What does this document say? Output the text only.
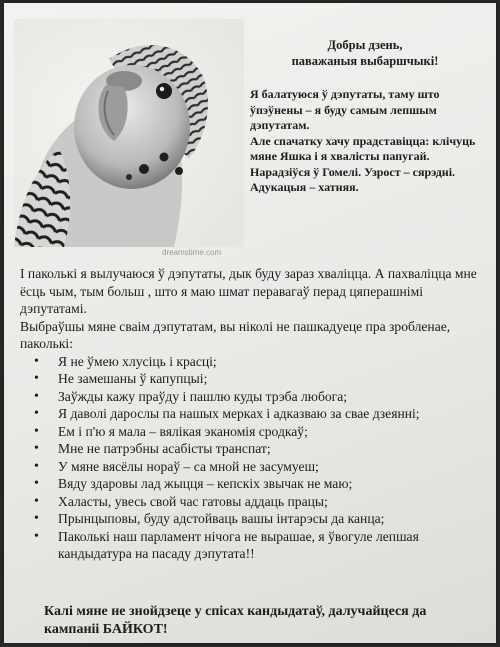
dreamstime.com
Добры дзень,
паважаныя выбаршчыкі!

Я балатуюся ў дэпутаты, таму што ўпэўнены – я буду самым лепшым дэпутатам.

Але спачатку хачу прадставіцца: клічуць мяне Яшка і я хвалісты папугай.

Нарадзіўся ў Гомелі. Узрост – сярэдні. Адукацыя – хатняя.

І паколькі я вылучаюся ў дэпутаты, дык буду зараз хваліцца. А пахваліцца мне ёсць чым, тым больш , што я маю шмат перавагаў перад цяперашнімі дэпутатамі.

Выбраўшы мяне сваім дэпутатам, вы ніколі не пашкадуеце пра зробленае, паколькі:

• Я не ўмею хлусіць і красці;
• Не замешаны ў капупцыі;
• Заўжды кажу праўду і пашлю куды трэба любога;
• Я даволі дарослы па нашых мерках і адказваю за свае дзеянні;
• Ем і п'ю я мала – вялікая эканомія сродкаў;
• Мне не патрэбны асабісты транспат;
• У мяне вясёлы нораў – са мной не засумуеш;
• Вяду здаровы лад жыцця – кепскіх звычак не маю;
• Халасты, увесь свой час гатовы аддаць працы;
• Прынцыповы, буду адстойваць вашы інтарэсы да канца;
• Паколькі наш парламент нічога не вырашае, я ўвогуле лепшая кандыдатура на пасаду дэпутата!!
Калі мяне не знойдзеце у спісах кандыдатаў, далучайцеся да кампаніі БАЙКОТ!
